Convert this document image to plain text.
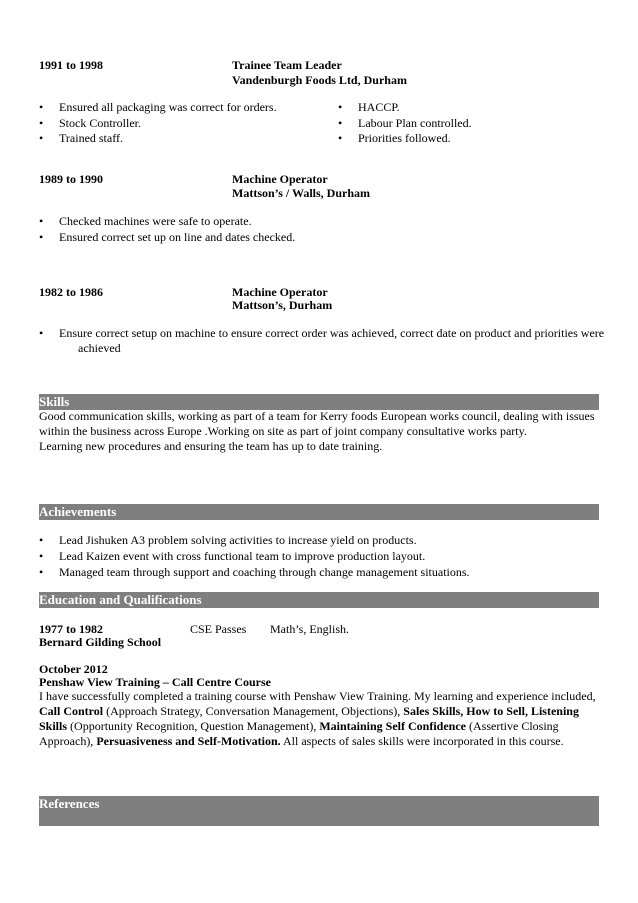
1991 to 1998	Trainee Team Leader
Vandenburgh Foods Ltd, Durham
• Ensured all packaging was correct for orders.
• Stock Controller.
• Trained staff.
• HACCP.
• Labour Plan controlled.
• Priorities followed.
1989 to 1990	Machine Operator
Mattson’s / Walls, Durham
• Checked machines were safe to operate.
• Ensured correct set up on line and dates checked.
1982 to 1986	Machine Operator
Mattson’s, Durham
• Ensure correct setup on machine to ensure correct order was achieved, correct date on product and priorities were
achieved
Skills

Good communication skills, working as part of a team for Kerry foods European works council, dealing with issues

within the business across Europe .Working on site as part of joint company consultative works party.

Learning new procedures and ensuring the team has up to date training.

Achievements
• Lead Jishuken A3 problem solving activities to increase yield on products.
• Lead Kaizen event with cross functional team to improve production layout.
• Managed team through support and coaching through change management situations.
Education and Qualifications
1977 to 1982	CSE Passes Math’s, English.
Bernard Gilding School
October 2012
Penshaw View Training – Call Centre Course

I have successfully completed a training course with Penshaw View Training. My learning and experience included,

Call Control (Approach Strategy, Conversation Management, Objections), Sales Skills, How to Sell, Listening

Skills (Opportunity Recognition, Question Management), Maintaining Self Confidence (Assertive Closing

Approach), Persuasiveness and Self-Motivation. All aspects of sales skills were incorporated in this course.

References
